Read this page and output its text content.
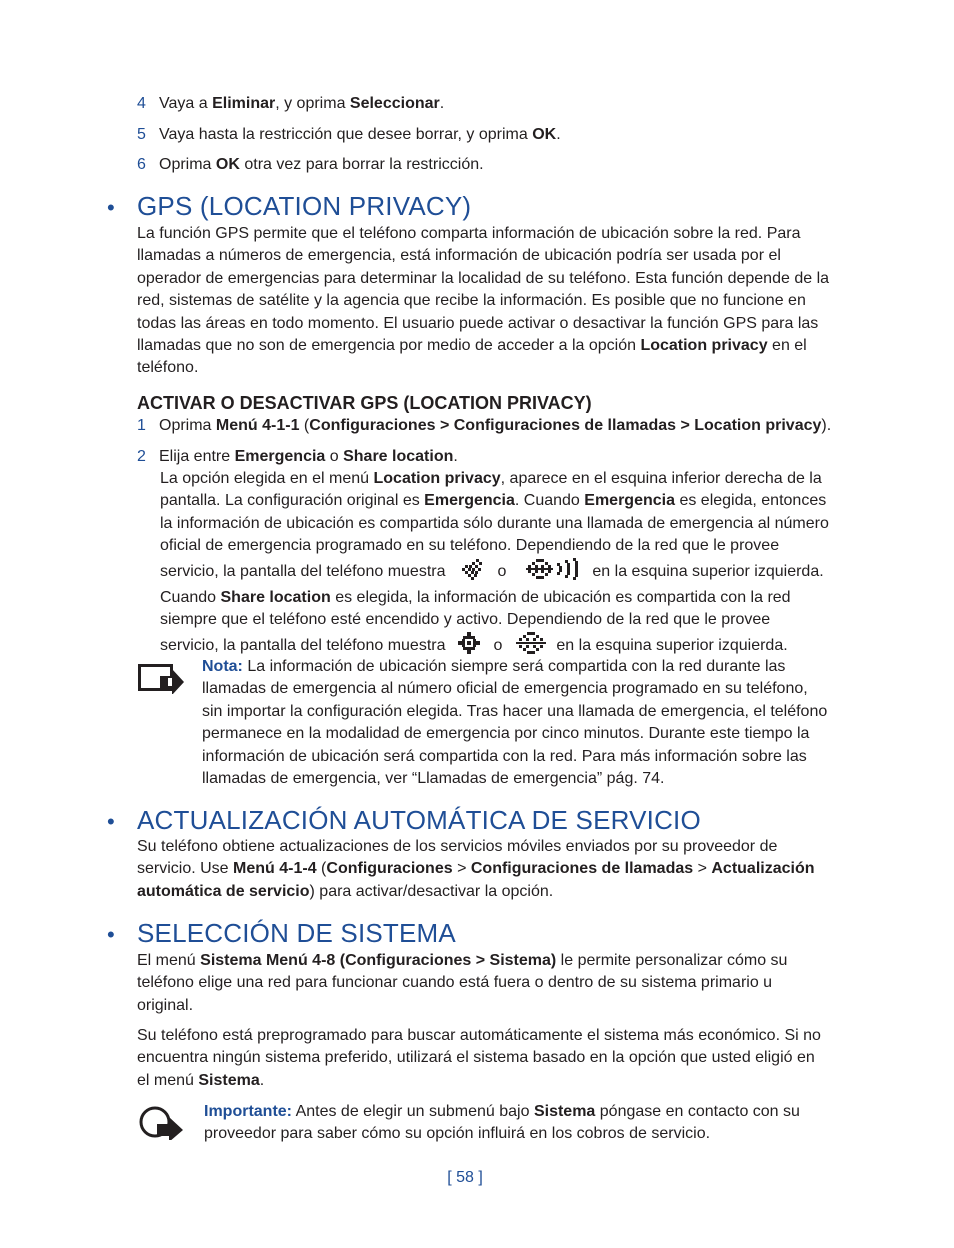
4 Vaya a Eliminar, y oprima Seleccionar.
5 Vaya hasta la restricción que desee borrar, y oprima OK.
6 Oprima OK otra vez para borrar la restricción.
• GPS (LOCATION PRIVACY)

La función GPS permite que el teléfono comparta información de ubicación sobre la red. Para llamadas a números de emergencia, está información de ubicación podría ser usada por el operador de emergencias para determinar la localidad de su teléfono. Esta función depende de la red, sistemas de satélite y la agencia que recibe la información. Es posible que no funcione en todas las áreas en todo momento. El usuario puede activar o desactivar la función GPS para las llamadas que no son de emergencia por medio de acceder a la opción Location privacy en el teléfono.

ACTIVAR O DESACTIVAR GPS (LOCATION PRIVACY)
1 Oprima Menú 4-1-1 (Configuraciones > Configuraciones de llamadas > Location privacy).
2 Elija entre Emergencia o Share location.

La opción elegida en el menú Location privacy, aparece en el esquina inferior derecha de la pantalla. La configuración original es Emergencia. Cuando Emergencia es elegida, entonces la información de ubicación es compartida sólo durante una llamada de emergencia al número oficial de emergencia programado en su teléfono. Dependiendo de la red que le provee servicio, la pantalla del teléfono muestra	o	en la esquina superior izquierda. Cuando Share location es elegida, la información de ubicación es compartida con la red siempre que el teléfono esté encendido y activo. Dependiendo de la red que le provee servicio, la pantalla del teléfono muestra	o	en la esquina superior izquierda.

Nota: La información de ubicación siempre será compartida con la red durante las llamadas de emergencia al número oficial de emergencia programado en su teléfono, sin importar la configuración elegida. Tras hacer una llamada de emergencia, el teléfono permanece en la modalidad de emergencia por cinco minutos. Durante este tiempo la información de ubicación será compartida con la red. Para más información sobre las llamadas de emergencia, ver “Llamadas de emergencia” pág. 74.

• ACTUALIZACIÓN AUTOMÁTICA DE SERVICIO

Su teléfono obtiene actualizaciones de los servicios móviles enviados por su proveedor de servicio. Use Menú 4-1-4 (Configuraciones > Configuraciones de llamadas > Actualización automática de servicio) para activar/desactivar la opción.

• SELECCIÓN DE SISTEMA

El menú Sistema Menú 4-8 (Configuraciones > Sistema) le permite personalizar cómo su teléfono elige una red para funcionar cuando está fuera o dentro de su sistema primario u original.

Su teléfono está preprogramado para buscar automáticamente el sistema más económico. Si no encuentra ningún sistema preferido, utilizará el sistema basado en la opción que usted eligió en el menú Sistema.

Importante: Antes de elegir un submenú bajo Sistema póngase en contacto con su proveedor para saber cómo su opción influirá en los cobros de servicio.

[ 58 ]
